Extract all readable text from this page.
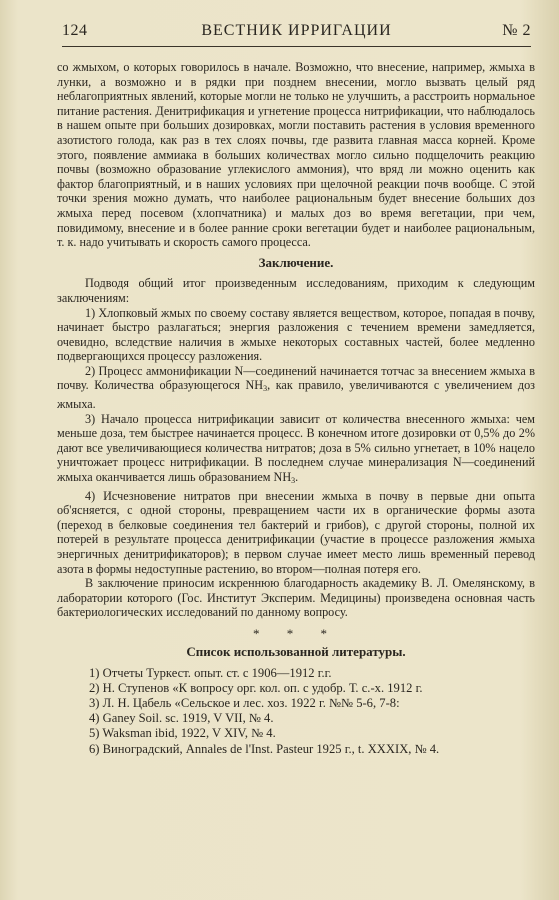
124	ВЕСТНИК ИРРИГАЦИИ	№ 2

со жмыхом, о которых говорилось в начале. Возможно, что внесение, например, жмыха в лунки, а возможно и в рядки при позднем внесении, могло вызвать целый ряд неблагоприятных явлений, которые могли не только не улучшить, а расстроить нормальное питание растения. Денитрификация и угнетение процесса нитрификации, что наблюдалось в нашем опыте при больших дозировках, могли поставить растения в условия временного азотистого голода, как раз в тех слоях почвы, где развита главная масса корней. Кроме этого, появление аммиака в больших количествах могло сильно подщелочить реакцию почвы (возможно образование углекислого аммония), что вряд ли можно оценить как фактор благоприятный, и в наших условиях при щелочной реакции почв вообще. С этой точки зрения можно думать, что наиболее рациональным будет внесение больших доз жмыха перед посевом (хлопчатника) и малых доз во время вегетации, при чем, повидимому, внесение и в более ранние сроки вегетации будет и наиболее рациональным, т. к. надо учитывать и скорость самого процесса.

Заключение.

Подводя общий итог произведенным исследованиям, приходим к следующим заключениям:

1) Хлопковый жмых по своему составу является веществом, которое, попадая в почву, начинает быстро разлагаться; энергия разложения с течением времени замедляется, очевидно, вследствие наличия в жмыхе некоторых составных частей, более медленно подвергающихся процессу разложения.

2) Процесс аммонификации N—соединений начинается тотчас за внесением жмыха в почву. Количества образующегося $NH_3$, как правило, увеличиваются с увеличением доз жмыха.

3) Начало процесса нитрификации зависит от количества внесенного жмыха: чем меньше доза, тем быстрее начинается процесс. В конечном итоге дозировки от 0,5% до 2% дают все увеличивающиеся количества нитратов; доза в 5% сильно угнетает, в 10% нацело уничтожает процесс нитрификации. В последнем случае минерализация N—соединений жмыха оканчивается лишь образованием $NH_3$.

4) Исчезновение нитратов при внесении жмыха в почву в первые дни опыта об'ясняется, с одной стороны, превращением части их в органические формы азота (переход в белковые соединения тел бактерий и грибов), с другой стороны, полной их потерей в результате процесса денитрификации (участие в процессе разложения жмыха энергичных денитрификаторов); в первом случае имеет место лишь временный перевод азота в формы недоступные растению, во втором—полная потеря его.

В заключение приносим искреннюю благодарность академику В. Л. Омелянскому, в лаборатории которого (Гос. Институт Эксперим. Медицины) произведена основная часть бактериологических исследований по данному вопросу.

* * *
Список использованной литературы.

1) Отчеты Туркест. опыт. ст. с 1906—1912 г.г.

2) Н. Ступенов «К вопросу орг. кол. оп. с удобр. Т. с.-х. 1912 г.

3) Л. Н. Цабель «Сельское и лес. хоз. 1922 г. №№ 5-6, 7-8:

4) Ganey Soil. sc. 1919, V VII, № 4.

5) Waksman ibid, 1922, V XIV, № 4.

6) Виноградский, Annales de l'Inst. Pasteur 1925 г., t. XXXIX, № 4.
